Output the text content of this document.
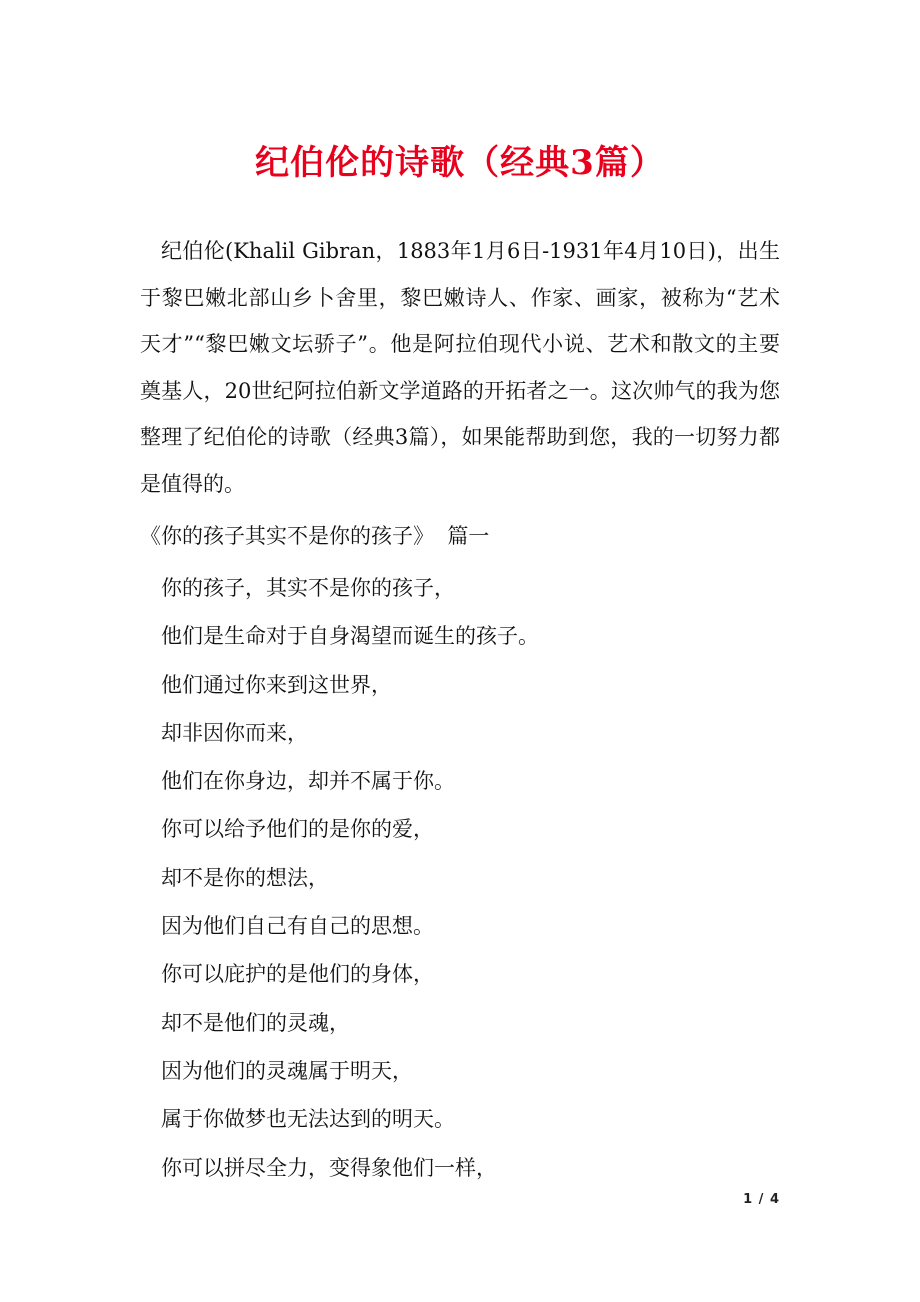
纪伯伦的诗歌（经典3篇）

纪伯伦(Khalil Gibran，1883年1月6日-1931年4月10日)，出生于黎巴嫩北部山乡卜舍里，黎巴嫩诗人、作家、画家，被称为“艺术天才”“黎巴嫩文坛骄子”。他是阿拉伯现代小说、艺术和散文的主要奠基人，20世纪阿拉伯新文学道路的开拓者之一。这次帅气的我为您整理了纪伯伦的诗歌（经典3篇），如果能帮助到您，我的一切努力都是值得的。

《你的孩子其实不是你的孩子》  篇一
你的孩子，其实不是你的孩子，
他们是生命对于自身渴望而诞生的孩子。
他们通过你来到这世界，
却非因你而来，
他们在你身边，却并不属于你。
你可以给予他们的是你的爱，
却不是你的想法，
因为他们自己有自己的思想。
你可以庇护的是他们的身体，
却不是他们的灵魂，
因为他们的灵魂属于明天，
属于你做梦也无法达到的明天。
你可以拼尽全力，变得象他们一样，
1 / 4
